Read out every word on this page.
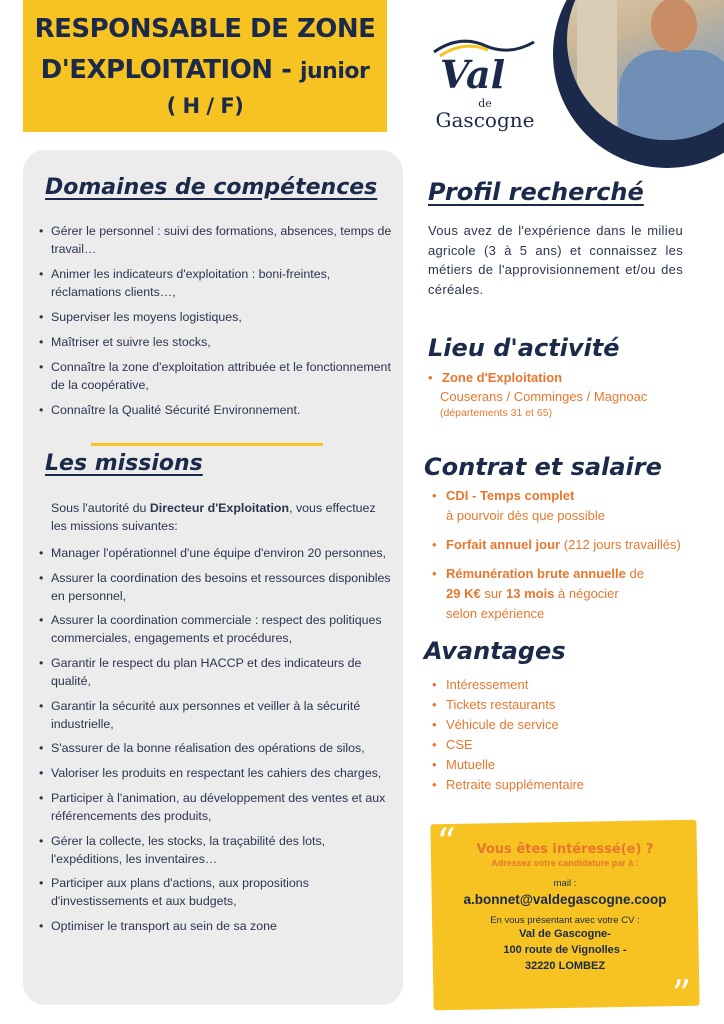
RESPONSABLE DE ZONE
D'EXPLOITATION - junior
( H / F)
Val
de
Gascogne
Domaines de compétences
• Gérer le personnel : suivi des formations, absences, temps de travail…
• Animer les indicateurs d'exploitation : boni-freintes, réclamations clients…,
• Superviser les moyens logistiques,
• Maîtriser et suivre les stocks,
• Connaître la zone d'exploitation attribuée et le fonctionnement de la coopérative,
• Connaître la Qualité Sécurité Environnement.
Les missions
Sous l'autorité du Directeur d'Exploitation, vous effectuez les missions suivantes:
• Manager l'opérationnel d'une équipe d'environ 20 personnes,
• Assurer la coordination des besoins et ressources disponibles en personnel,
• Assurer la coordination commerciale : respect des politiques commerciales, engagements et procédures,
• Garantir le respect du plan HACCP et des indicateurs de qualité,
• Garantir la sécurité aux personnes et veiller à la sécurité industrielle,
• S'assurer de la bonne réalisation des opérations de silos,
• Valoriser les produits en respectant les cahiers des charges,
• Participer à l'animation, au développement des ventes et aux référencements des produits,
• Gérer la collecte, les stocks, la traçabilité des lots, l'expéditions, les inventaires…
• Participer aux plans d'actions, aux propositions d'investissements et aux budgets,
• Optimiser le transport au sein de sa zone
Profil recherché
Vous avez de l'expérience dans le milieu agricole (3 à 5 ans) et connaissez les métiers de l'approvisionnement et/ou des céréales.
Lieu d'activité
• Zone d'Exploitation
Couserans / Comminges / Magnoac
(départements 31 et 65)
Contrat et salaire
• CDI - Temps complet
à pourvoir dès que possible
• Forfait annuel jour (212 jours travaillés)
• Rémunération brute annuelle de
29 K€ sur 13 mois à négocier
selon expérience
Avantages
• Intéressement
• Tickets restaurants
• Véhicule de service
• CSE
• Mutuelle
• Retraite supplémentaire
“
”
Vous êtes intéressé(e) ?
Adressez votre candidature par à :
mail :
a.bonnet@valdegascogne.coop
En vous présentant avec votre CV :
Val de Gascogne-
100 route de Vignolles -
32220 LOMBEZ
